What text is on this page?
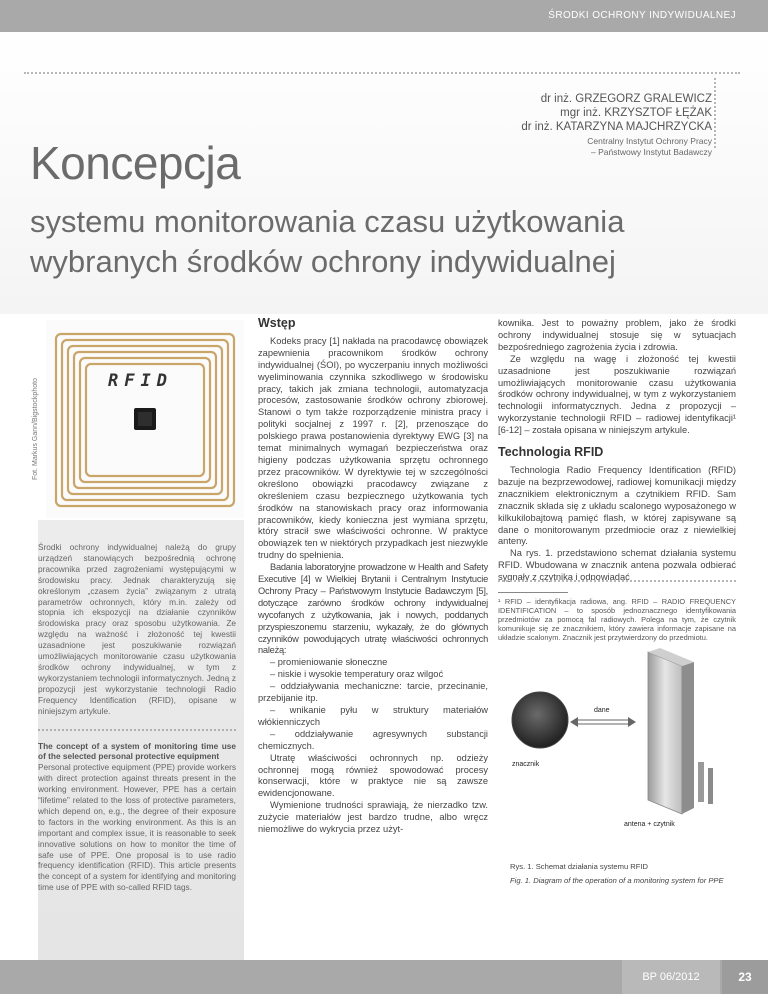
ŚRODKI OCHRONY INDYWIDUALNEJ
dr inż. GRZEGORZ GRALEWICZ
mgr inż. KRZYSZTOF ŁĘŻAK
dr inż. KATARZYNA MAJCHRZYCKA
Centralny Instytut Ochrony Pracy
– Państwowy Instytut Badawczy
Koncepcja
systemu monitorowania czasu użytkowania wybranych środków ochrony indywidualnej
Fot. Markus Gann/Bigstockphoto	RFID

Środki ochrony indywidualnej należą do grupy urządzeń stanowiących bezpośrednią ochronę pracownika przed zagrożeniami występującymi w środowisku pracy. Jednak charakteryzują się określonym „czasem życia” związanym z utratą parametrów ochronnych, który m.in. zależy od stopnia ich ekspozycji na działanie czynników środowiska pracy oraz sposobu użytkowania. Ze względu na ważność i złożoność tej kwestii uzasadnione jest poszukiwanie rozwiązań umożliwiających monitorowanie czasu użytkowania środków ochrony indywidualnej, w tym z wykorzystaniem technologii informatycznych. Jedną z propozycji jest wykorzystanie technologii Radio Frequency Identification (RFID), opisane w niniejszym artykule.

The concept of a system of monitoring time use of the selected personal protective equipment

Personal protective equipment (PPE) provide workers with direct protection against threats present in the working environment. However, PPE has a certain “lifetime” related to the loss of protective parameters, which depend on, e.g., the degree of their exposure to factors in the working environment. As this is an important and complex issue, it is reasonable to seek innovative solutions on how to monitor the time of safe use of PPE. One proposal is to use radio frequency identification (RFID). This article presents the concept of a system for identifying and monitoring time use of PPE with so-called RFID tags.

Wstęp

Kodeks pracy [1] nakłada na pracodawcę obowiązek zapewnienia pracownikom środków ochrony indywidualnej (ŚOI), po wyczerpaniu innych możliwości wyeliminowania czynnika szkodliwego w środowisku pracy, takich jak zmiana technologii, automatyzacja procesów, zastosowanie środków ochrony zbiorowej. Stanowi o tym także rozporządzenie ministra pracy i polityki socjalnej z 1997 r. [2], przenoszące do polskiego prawa postanowienia dyrektywy EWG [3] na temat minimalnych wymagań bezpieczeństwa oraz higieny podczas użytkowania sprzętu ochronnego przez pracowników. W dyrektywie tej w szczególności określono obowiązki pracodawcy związane z określeniem czasu bezpiecznego użytkowania tych środków na stanowiskach pracy oraz informowania pracowników, kiedy konieczna jest wymiana sprzętu, który stracił swe właściwości ochronne. W praktyce obowiązek ten w niektórych przypadkach jest niezwykle trudny do spełnienia.

Badania laboratoryjne prowadzone w Health and Safety Executive [4] w Wielkiej Brytanii i Centralnym Instytucie Ochrony Pracy – Państwowym Instytucie Badawczym [5], dotyczące zarówno środków ochrony indywidualnej wycofanych z użytkowania, jak i nowych, poddanych przyspieszonemu starzeniu, wykazały, że do głównych czynników powodujących utratę właściwości ochronnych należą:

– promieniowanie słoneczne

– niskie i wysokie temperatury oraz wilgoć

– oddziaływania mechaniczne: tarcie, przecinanie, przebijanie itp.

– wnikanie pyłu w struktury materiałów włókienniczych

– oddziaływanie agresywnych substancji chemicznych.

Utratę właściwości ochronnych np. odzieży ochronnej mogą również spowodować procesy konserwacji, które w praktyce nie są zawsze ewidencjonowane.

Wymienione trudności sprawiają, że nierzadko tzw. zużycie materiałów jest bardzo trudne, albo wręcz niemożliwe do wykrycia przez użyt-

kownika. Jest to poważny problem, jako że środki ochrony indywidualnej stosuje się w sytuacjach bezpośredniego zagrożenia życia i zdrowia.

Ze względu na wagę i złożoność tej kwestii uzasadnione jest poszukiwanie rozwiązań umożliwiających monitorowanie czasu użytkowania środków ochrony indywidualnej, w tym z wykorzystaniem technologii informatycznych. Jedna z propozycji – wykorzystanie technologii RFID – radiowej identyfikacji¹ [6-12] – została opisana w niniejszym artykule.

Technologia RFID

Technologia Radio Frequency Identification (RFID) bazuje na bezprzewodowej, radiowej komunikacji między znacznikiem elektronicznym a czytnikiem RFID. Sam znacznik składa się z układu scalonego wyposażonego w kilkukilobajtową pamięć flash, w której zapisywane są dane o monitorowanym przedmiocie oraz z niewielkiej anteny.

Na rys. 1. przedstawiono schemat działania systemu RFID. Wbudowana w znacznik antena pozwala odbierać sygnały z czytnika i odpowiadać

¹ RFID – identyfikacja radiowa, ang. RFID – RADIO FREQUENCY IDENTIFICATION – to sposób jednoznacznego identyfikowania przedmiotów za pomocą fal radiowych. Polega na tym, że czytnik komunikuje się ze znacznikiem, który zawiera informacje zapisane na układzie scalonym. Znacznik jest przytwierdzony do przedmiotu.

dane
znacznik
antena + czytnik
Rys. 1. Schemat działania systemu RFID
Fig. 1. Diagram of the operation of a monitoring system for PPE
BP 06/2012	23
